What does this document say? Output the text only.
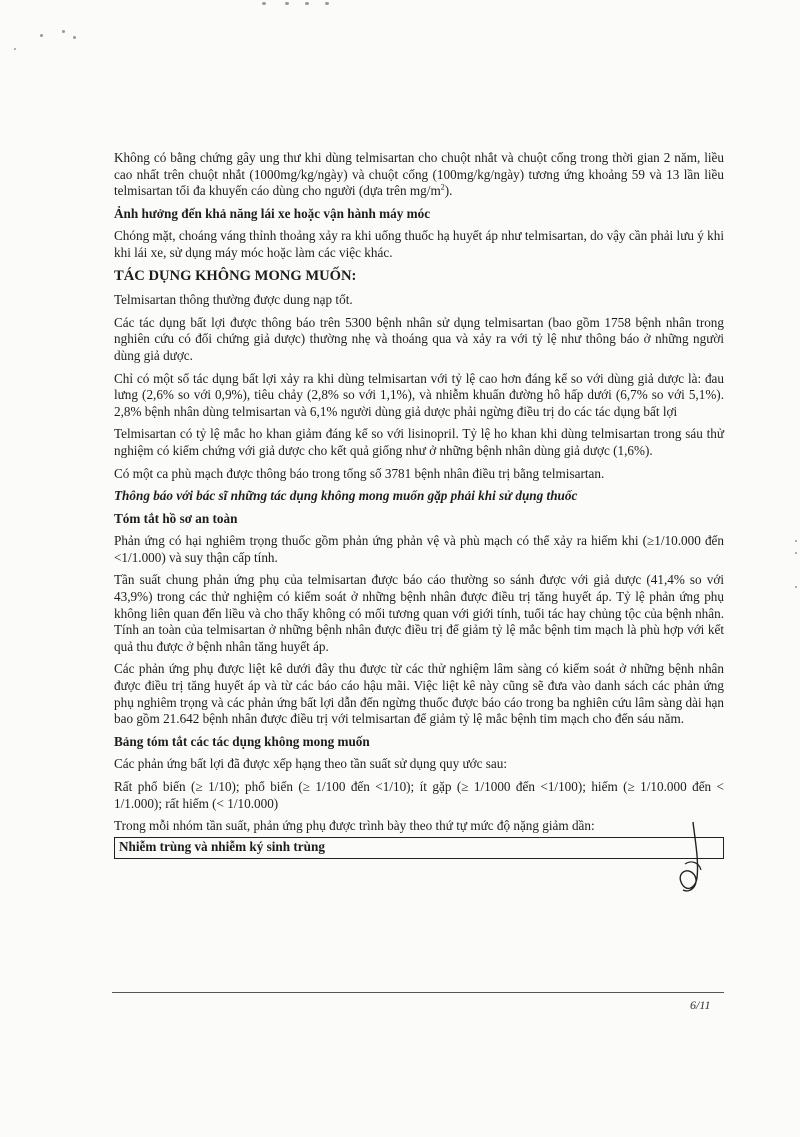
Không có bằng chứng gây ung thư khi dùng telmisartan cho chuột nhắt và chuột cống trong thời gian 2 năm, liều cao nhất trên chuột nhắt (1000mg/kg/ngày) và chuột cống (100mg/kg/ngày) tương ứng khoảng 59 và 13 lần liều telmisartan tối đa khuyến cáo dùng cho người (dựa trên $mg/m^2$).

Ảnh hưởng đến khả năng lái xe hoặc vận hành máy móc

Chóng mặt, choáng váng thỉnh thoảng xảy ra khi uống thuốc hạ huyết áp như telmisartan, do vậy cần phải lưu ý khi khi lái xe, sử dụng máy móc hoặc làm các việc khác.

TÁC DỤNG KHÔNG MONG MUỐN:

Telmisartan thông thường được dung nạp tốt.

Các tác dụng bất lợi được thông báo trên 5300 bệnh nhân sử dụng telmisartan (bao gồm 1758 bệnh nhân trong nghiên cứu có đối chứng giả dược) thường nhẹ và thoáng qua và xảy ra với tỷ lệ như thông báo ở những người dùng giả dược.

Chỉ có một số tác dụng bất lợi xảy ra khi dùng telmisartan với tỷ lệ cao hơn đáng kể so với dùng giả dược là: đau lưng (2,6% so với 0,9%), tiêu chảy (2,8% so với 1,1%), và nhiễm khuẩn đường hô hấp dưới (6,7% so với 5,1%). 2,8% bệnh nhân dùng telmisartan và 6,1% người dùng giả dược phải ngừng điều trị do các tác dụng bất lợi

Telmisartan có tỷ lệ mắc ho khan giảm đáng kể so với lisinopril. Tỷ lệ ho khan khi dùng telmisartan trong sáu thử nghiệm có kiểm chứng với giả dược cho kết quả giống như ở những bệnh nhân dùng giả dược (1,6%).

Có một ca phù mạch được thông báo trong tổng số 3781 bệnh nhân điều trị bằng telmisartan.

Thông báo với bác sĩ những tác dụng không mong muốn gặp phải khi sử dụng thuốc
Tóm tắt hồ sơ an toàn

Phản ứng có hại nghiêm trọng thuốc gồm phản ứng phản vệ và phù mạch có thể xảy ra hiếm khi (≥1/10.000 đến <1/1.000) và suy thận cấp tính.

Tần suất chung phản ứng phụ của telmisartan được báo cáo thường so sánh được với giả dược (41,4% so với 43,9%) trong các thử nghiệm có kiểm soát ở những bệnh nhân được điều trị tăng huyết áp. Tỷ lệ phản ứng phụ không liên quan đến liều và cho thấy không có mối tương quan với giới tính, tuổi tác hay chủng tộc của bệnh nhân. Tính an toàn của telmisartan ở những bệnh nhân được điều trị để giảm tỷ lệ mắc bệnh tim mạch là phù hợp với kết quả thu được ở bệnh nhân tăng huyết áp.

Các phản ứng phụ được liệt kê dưới đây thu được từ các thử nghiệm lâm sàng có kiểm soát ở những bệnh nhân được điều trị tăng huyết áp và từ các báo cáo hậu mãi. Việc liệt kê này cũng sẽ đưa vào danh sách các phản ứng phụ nghiêm trọng và các phản ứng bất lợi dẫn đến ngừng thuốc được báo cáo trong ba nghiên cứu lâm sàng dài hạn bao gồm 21.642 bệnh nhân được điều trị với telmisartan để giảm tỷ lệ mắc bệnh tim mạch cho đến sáu năm.

Bảng tóm tắt các tác dụng không mong muốn

Các phản ứng bất lợi đã được xếp hạng theo tần suất sử dụng quy ước sau:

Rất phổ biến (≥ 1/10); phổ biến (≥ 1/100 đến <1/10); ít gặp (≥ 1/1000 đến <1/100); hiếm (≥ 1/10.000 đến < 1/1.000); rất hiếm (< 1/10.000)

Trong mỗi nhóm tần suất, phản ứng phụ được trình bày theo thứ tự mức độ nặng giảm dần:

Nhiễm trùng và nhiễm ký sinh trùng
6/11
